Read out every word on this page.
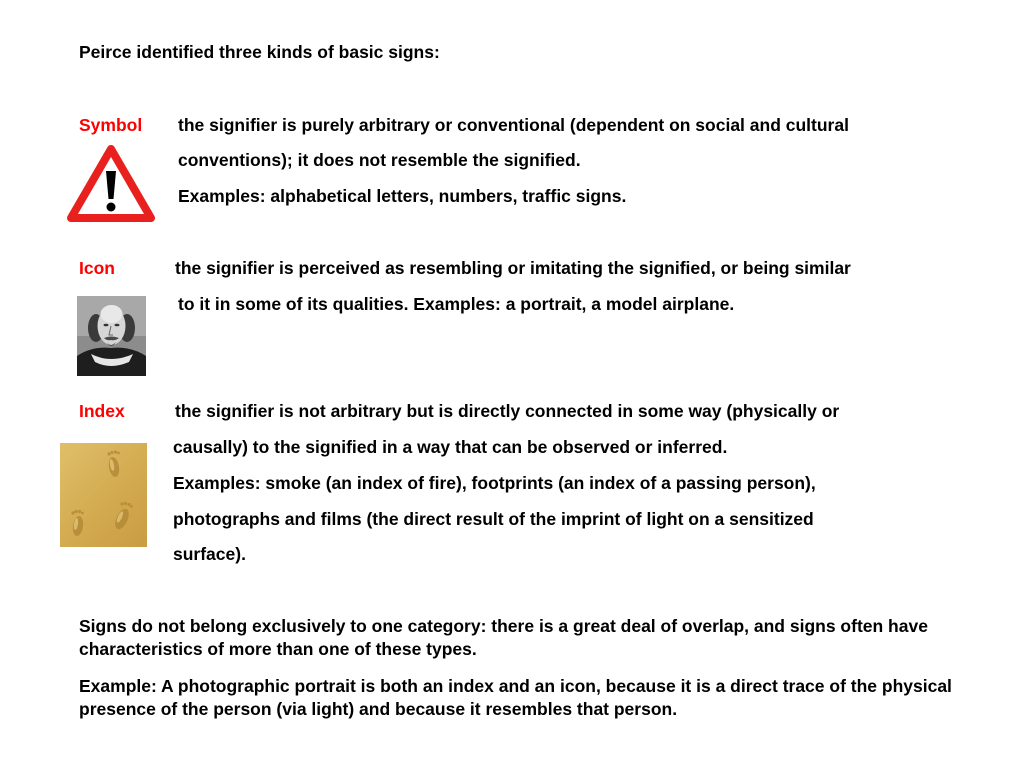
Peirce identified three kinds of basic signs:
Symbol the signifier is purely arbitrary or conventional (dependent on social and cultural
conventions); it does not resemble the signified.
Examples: alphabetical letters, numbers, traffic signs.
Icon	the signifier is perceived as resembling or imitating the signified, or being similar
to it in some of its qualities. Examples: a portrait, a model airplane.
Index	the signifier is not arbitrary but is directly connected in some way (physically or
causally) to the signified in a way that can be observed or inferred.
Examples: smoke (an index of fire), footprints (an index of a passing person),
photographs and films (the direct result of the imprint of light on a sensitized
surface).
Signs do not belong exclusively to one category: there is a great deal of overlap, and signs often have characteristics of more than one of these types.
Example: A photographic portrait is both an index and an icon, because it is a direct trace of the physical presence of the person (via light) and because it resembles that person.
